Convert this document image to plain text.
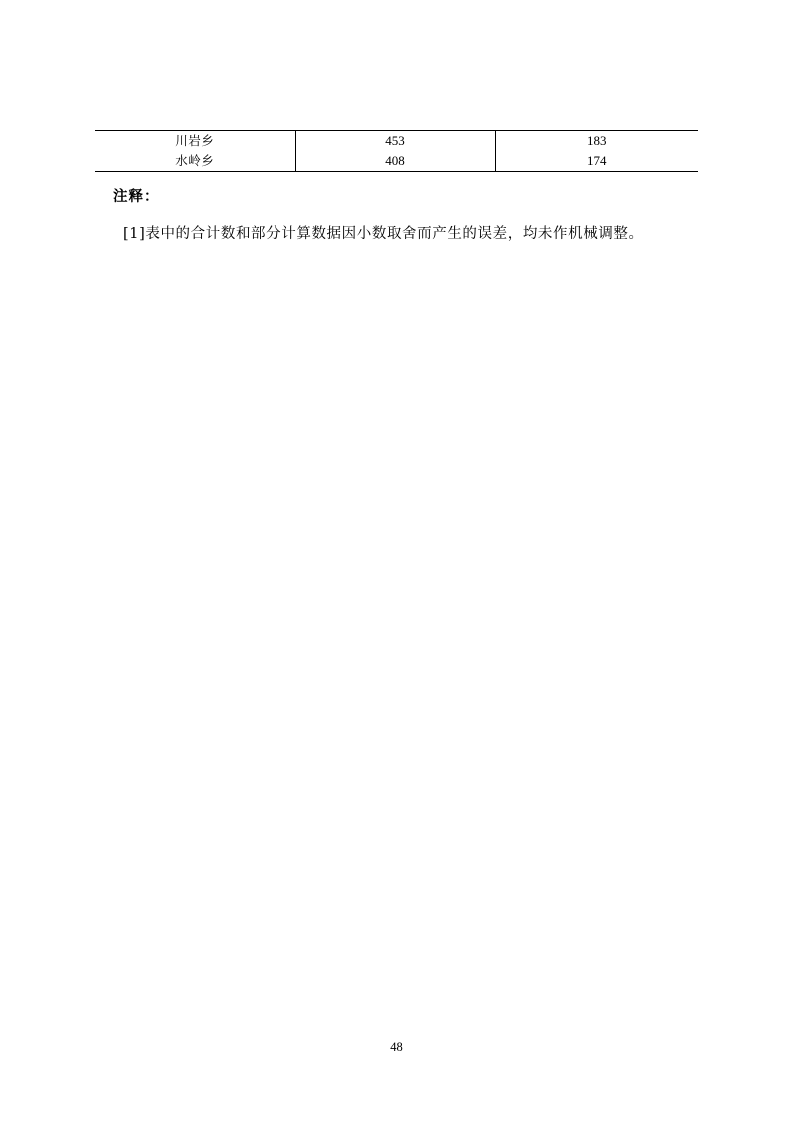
川岩乡	453	183
水岭乡	408	174
注释：
[1]表中的合计数和部分计算数据因小数取舍而产生的误差，均未作机械调整。
48
